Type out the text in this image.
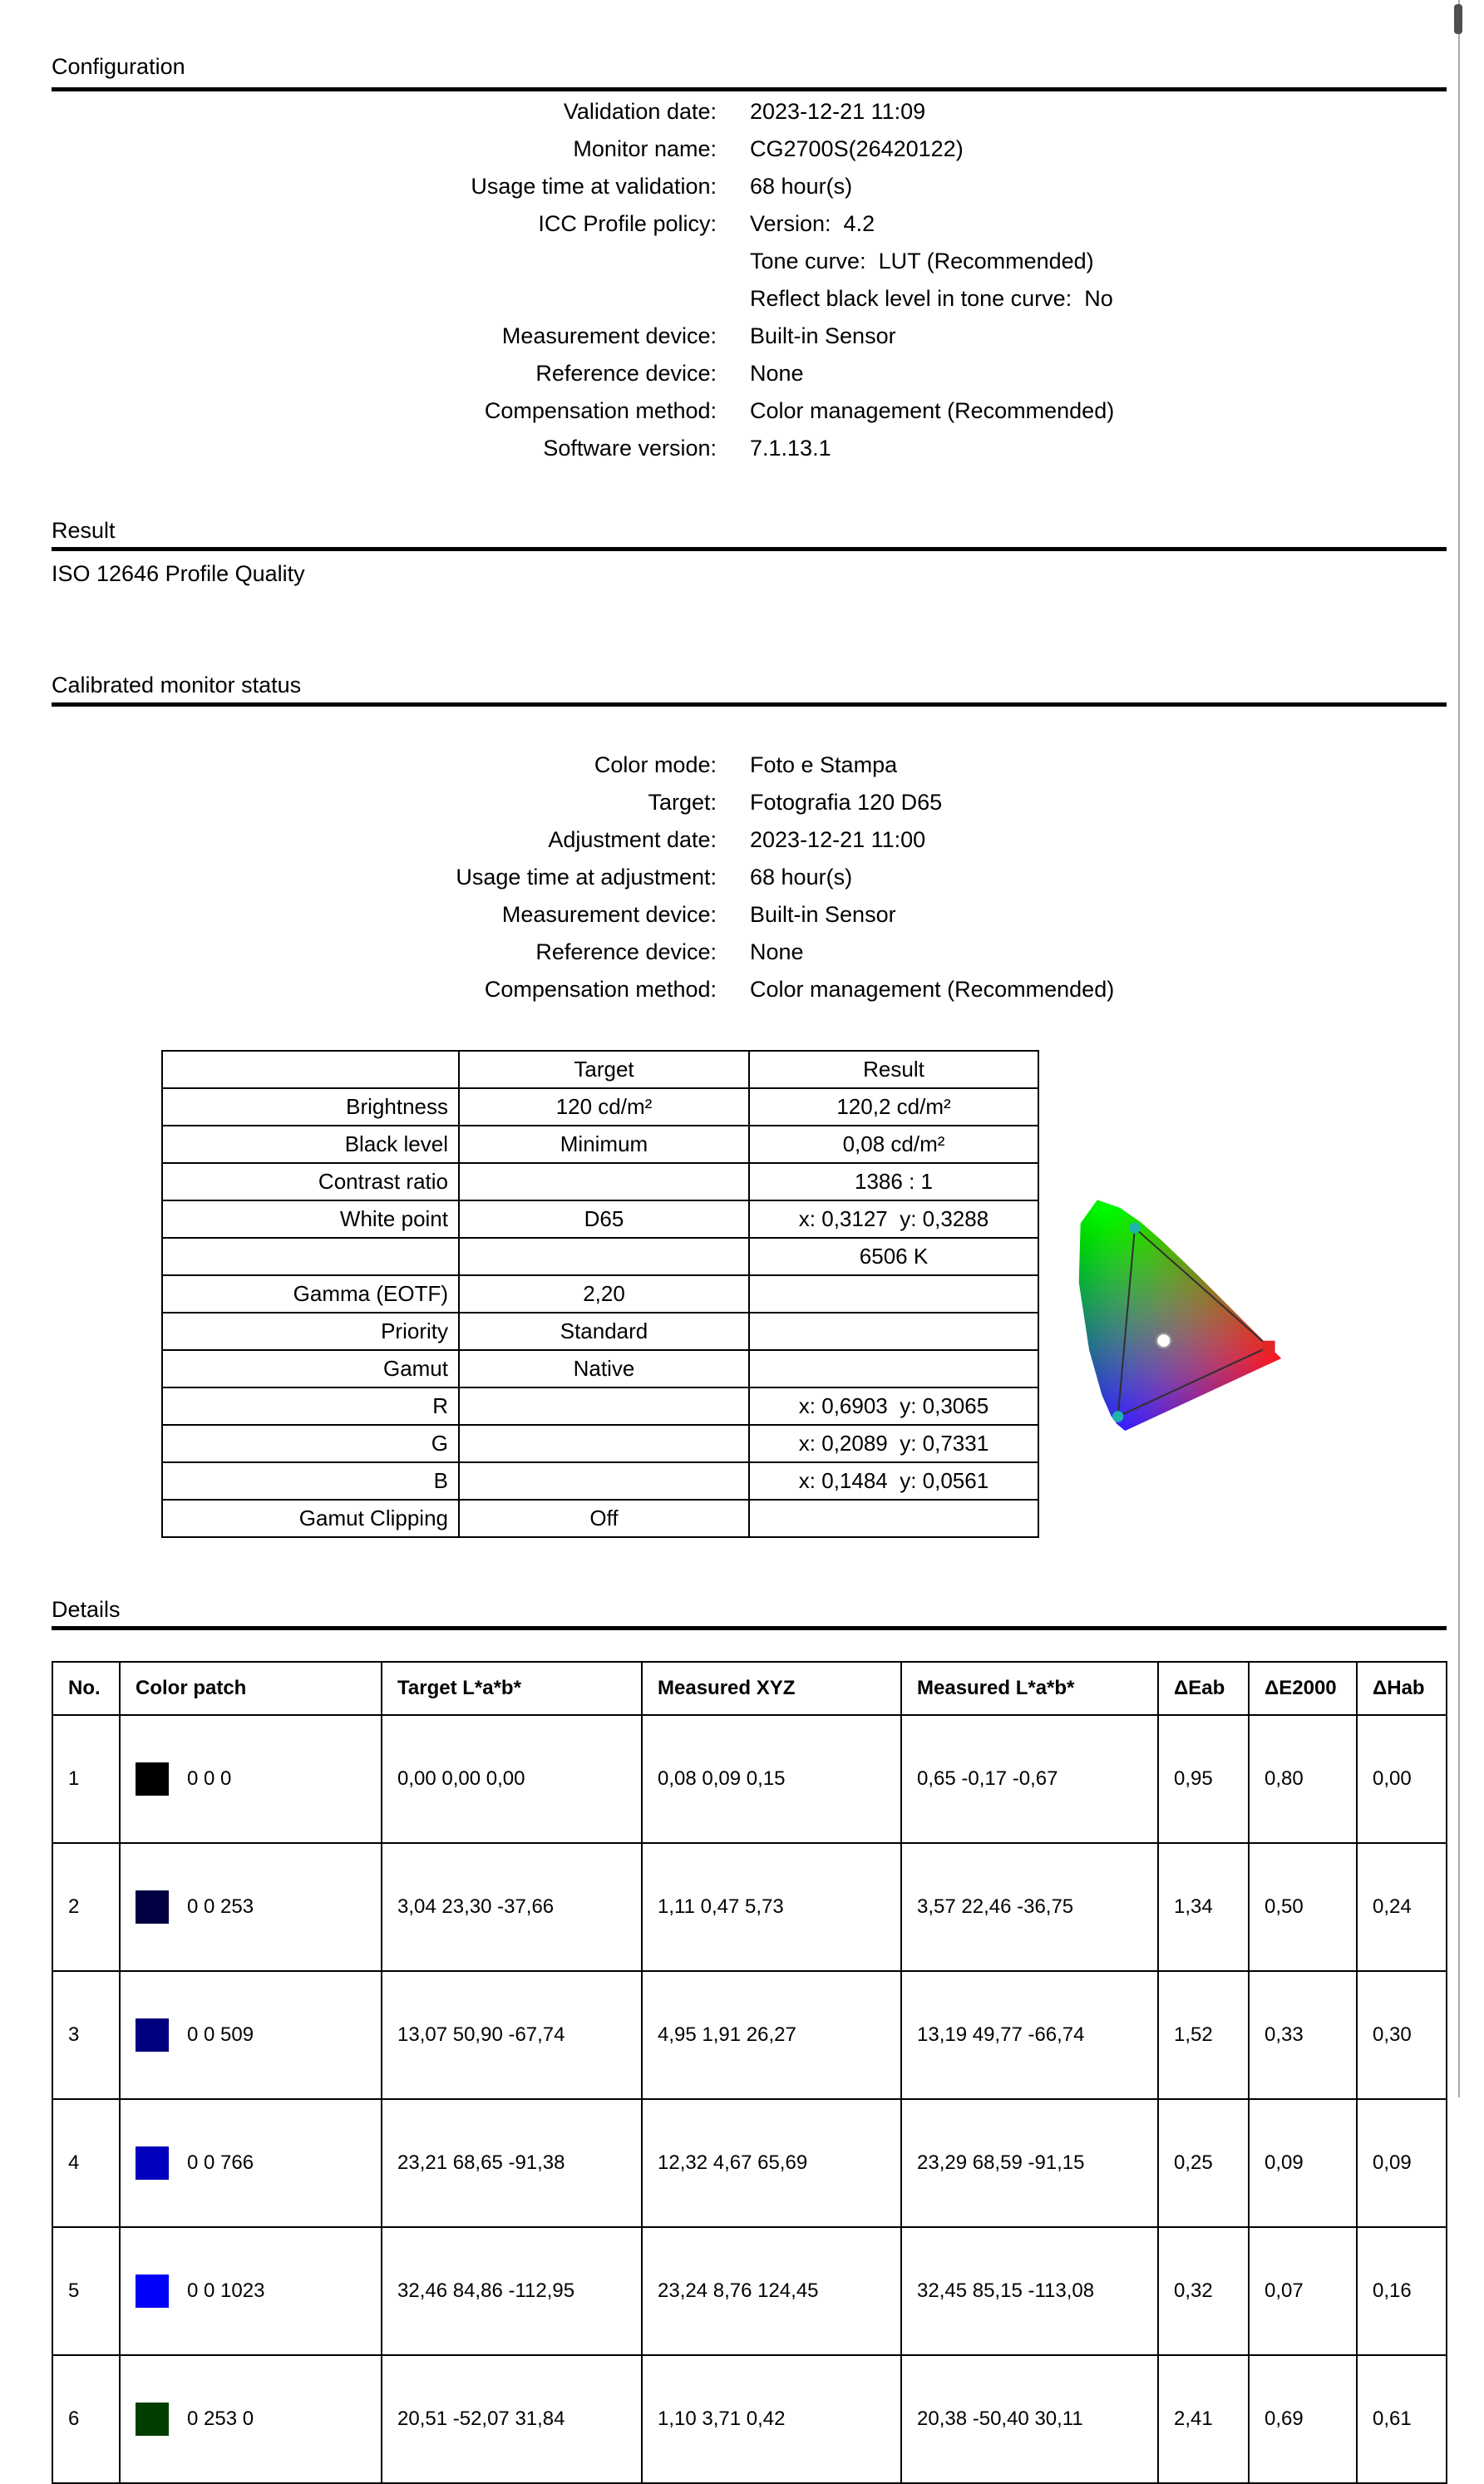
Configuration
Validation date: 2023-12-21 11:09
Monitor name: CG2700S(26420122)
Usage time at validation: 68 hour(s)
ICC Profile policy: Version:  4.2
Tone curve:  LUT (Recommended)
Reflect black level in tone curve:  No
Measurement device: Built-in Sensor
Reference device: None
Compensation method: Color management (Recommended)
Software version: 7.1.13.1
Result
ISO 12646 Profile Quality
Calibrated monitor status
Color mode: Foto e Stampa
Target: Fotografia 120 D65
Adjustment date: 2023-12-21 11:00
Usage time at adjustment: 68 hour(s)
Measurement device: Built-in Sensor
Reference device: None
Compensation method: Color management (Recommended)
	Target	Result
Brightness	120 cd/m²	120,2 cd/m²
Black level	Minimum	0,08 cd/m²
Contrast ratio		1386 : 1
White point	D65	x: 0,3127  y: 0,3288
		6506 K
Gamma (EOTF)	2,20	
Priority	Standard	
Gamut	Native	
R		x: 0,6903  y: 0,3065
G		x: 0,2089  y: 0,7331
B		x: 0,1484  y: 0,0561
Gamut Clipping	Off	
Details
No.	Color patch	Target L*a*b*	Measured XYZ	Measured L*a*b*	ΔEab	ΔE2000	ΔHab
1	0 0 0	0,00 0,00 0,00	0,08 0,09 0,15	0,65 -0,17 -0,67	0,95	0,80	0,00
2	0 0 253	3,04 23,30 -37,66	1,11 0,47 5,73	3,57 22,46 -36,75	1,34	0,50	0,24
3	0 0 509	13,07 50,90 -67,74	4,95 1,91 26,27	13,19 49,77 -66,74	1,52	0,33	0,30
4	0 0 766	23,21 68,65 -91,38	12,32 4,67 65,69	23,29 68,59 -91,15	0,25	0,09	0,09
5	0 0 1023	32,46 84,86 -112,95	23,24 8,76 124,45	32,45 85,15 -113,08	0,32	0,07	0,16
6	0 253 0	20,51 -52,07 31,84	1,10 3,71 0,42	20,38 -50,40 30,11	2,41	0,69	0,61
